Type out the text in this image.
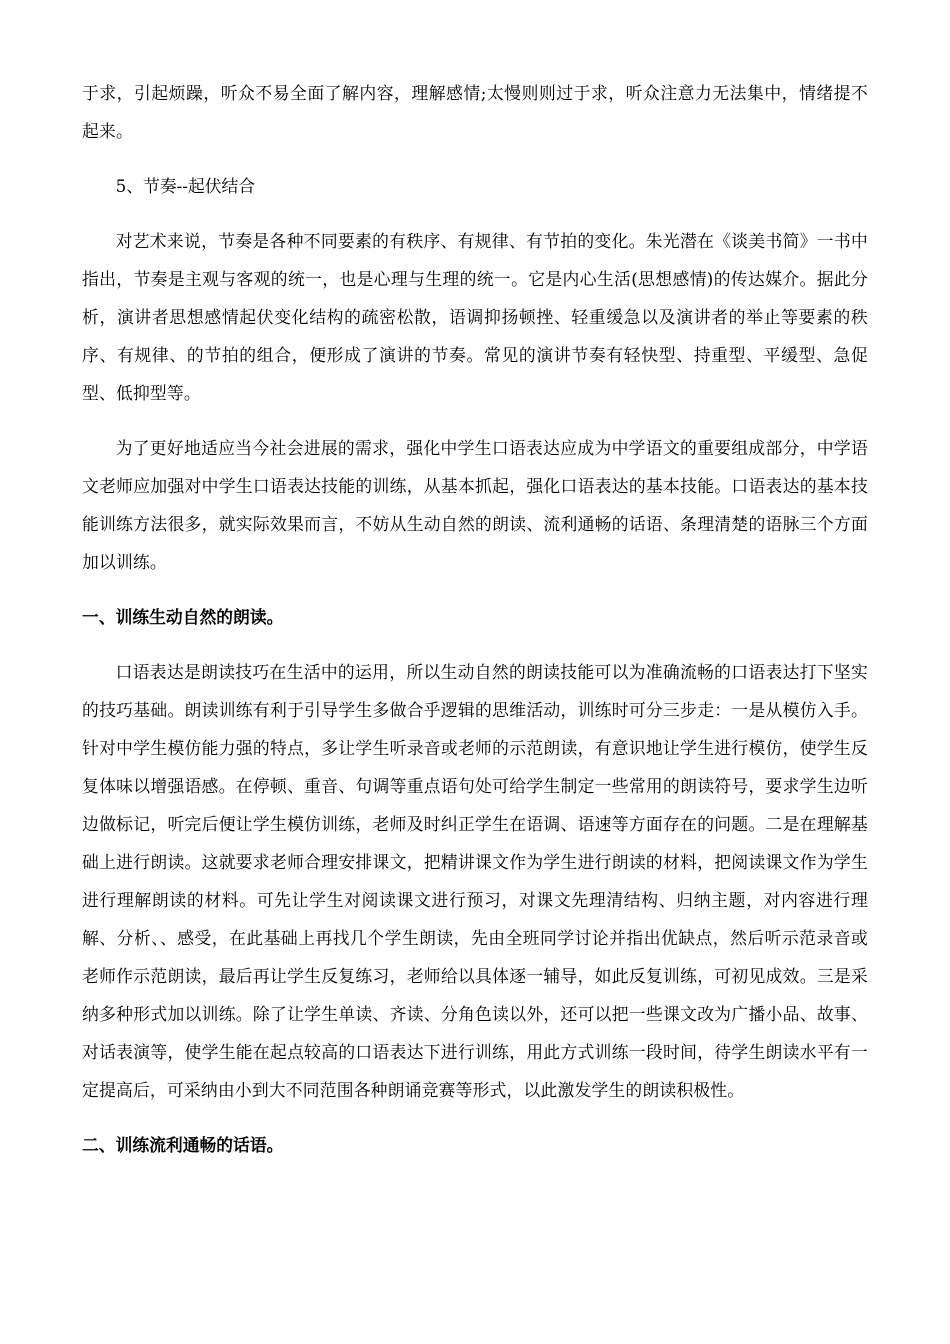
于求，引起烦躁，听众不易全面了解内容，理解感情;太慢则则过于求，听众注意力无法集中，情绪提不起来。

5、节奏--起伏结合

对艺术来说，节奏是各种不同要素的有秩序、有规律、有节拍的变化。朱光潜在《谈美书简》一书中指出，节奏是主观与客观的统一，也是心理与生理的统一。它是内心生活(思想感情)的传达媒介。据此分析，演讲者思想感情起伏变化结构的疏密松散，语调抑扬顿挫、轻重缓急以及演讲者的举止等要素的秩序、有规律、的节拍的组合，便形成了演讲的节奏。常见的演讲节奏有轻快型、持重型、平缓型、急促型、低抑型等。

为了更好地适应当今社会进展的需求，强化中学生口语表达应成为中学语文的重要组成部分，中学语文老师应加强对中学生口语表达技能的训练，从基本抓起，强化口语表达的基本技能。口语表达的基本技能训练方法很多，就实际效果而言，不妨从生动自然的朗读、流利通畅的话语、条理清楚的语脉三个方面加以训练。

一、训练生动自然的朗读。

口语表达是朗读技巧在生活中的运用，所以生动自然的朗读技能可以为准确流畅的口语表达打下坚实的技巧基础。朗读训练有利于引导学生多做合乎逻辑的思维活动，训练时可分三步走：一是从模仿入手。针对中学生模仿能力强的特点，多让学生听录音或老师的示范朗读，有意识地让学生进行模仿，使学生反复体味以增强语感。在停顿、重音、句调等重点语句处可给学生制定一些常用的朗读符号，要求学生边听边做标记，听完后便让学生模仿训练，老师及时纠正学生在语调、语速等方面存在的问题。二是在理解基础上进行朗读。这就要求老师合理安排课文，把精讲课文作为学生进行朗读的材料，把阅读课文作为学生进行理解朗读的材料。可先让学生对阅读课文进行预习，对课文先理清结构、归纳主题，对内容进行理解、分析、、感受，在此基础上再找几个学生朗读，先由全班同学讨论并指出优缺点，然后听示范录音或老师作示范朗读，最后再让学生反复练习，老师给以具体逐一辅导，如此反复训练，可初见成效。三是采纳多种形式加以训练。除了让学生单读、齐读、分角色读以外，还可以把一些课文改为广播小品、故事、对话表演等，使学生能在起点较高的口语表达下进行训练，用此方式训练一段时间，待学生朗读水平有一定提高后，可采纳由小到大不同范围各种朗诵竞赛等形式，以此激发学生的朗读积极性。

二、训练流利通畅的话语。
